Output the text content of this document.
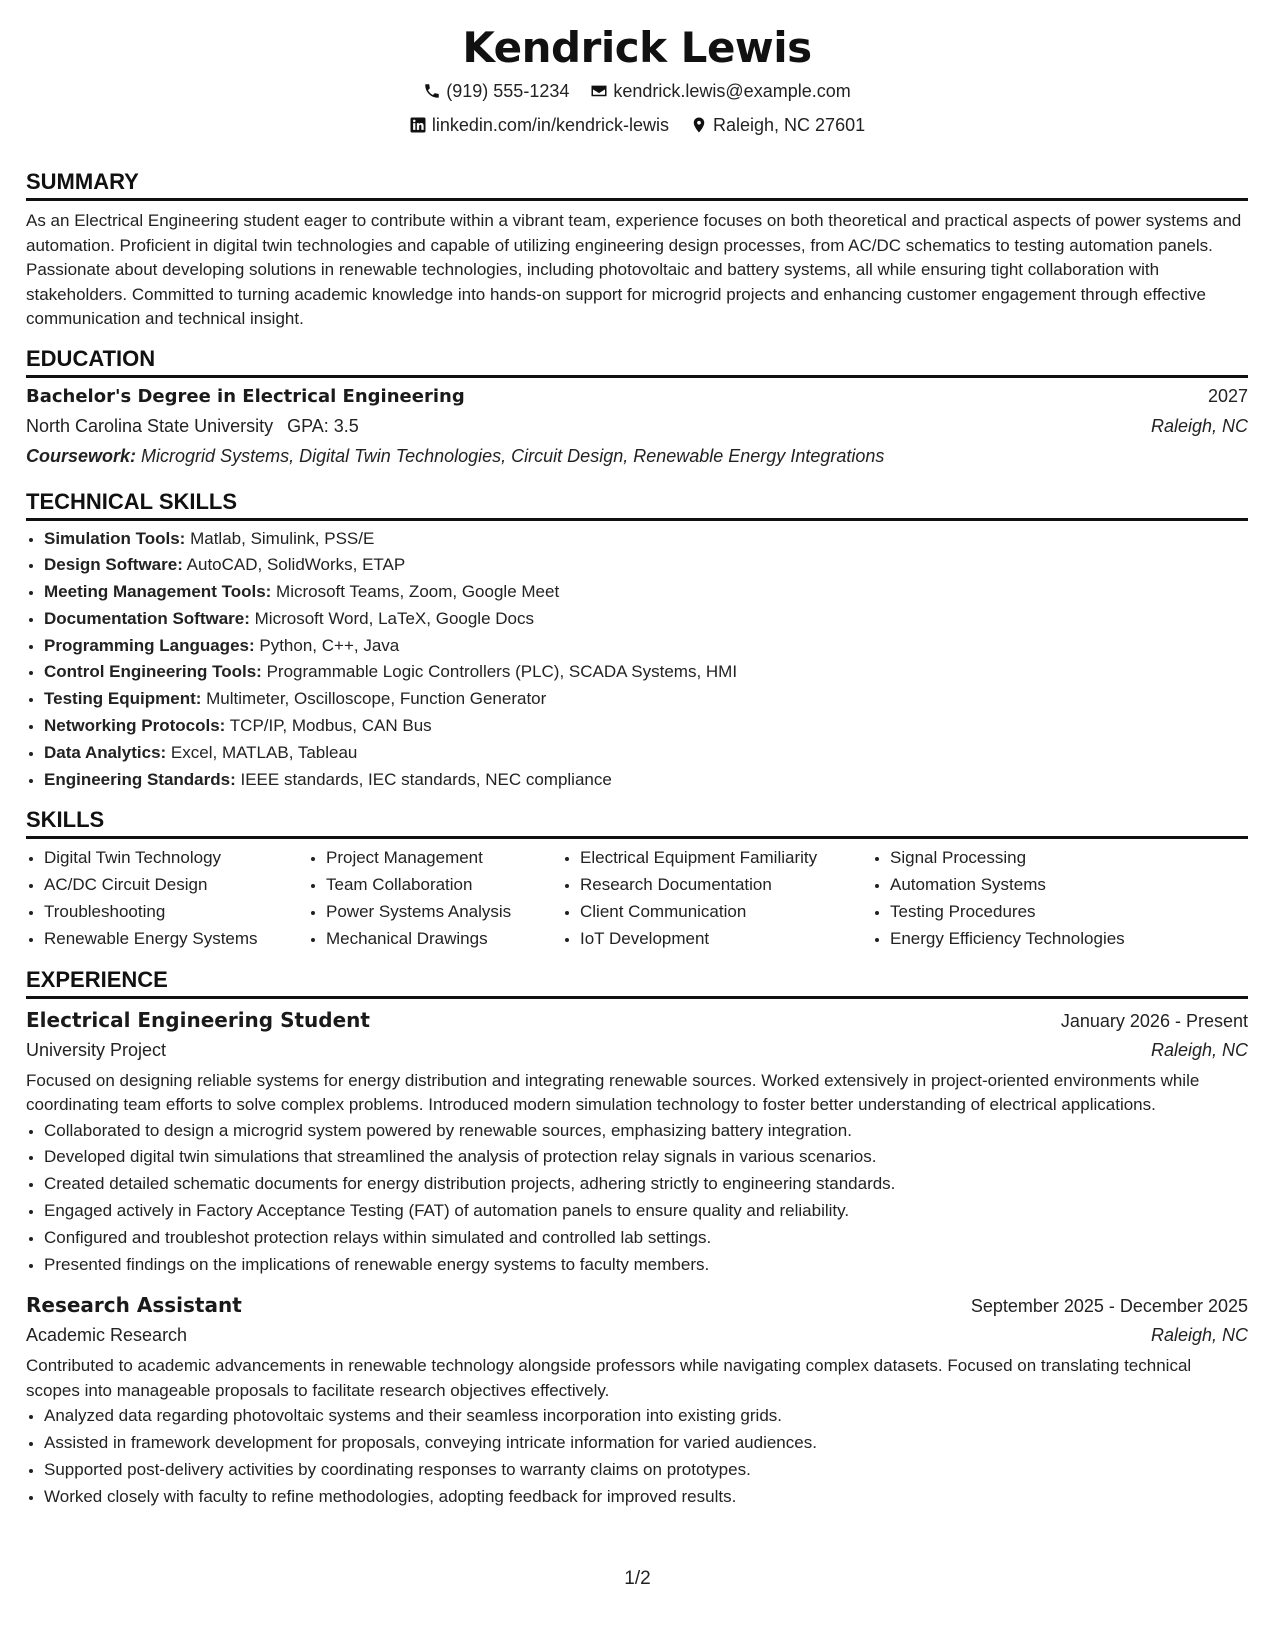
Kendrick Lewis
(919) 555-1234
kendrick.lewis@example.com
linkedin.com/in/kendrick-lewis
Raleigh, NC 27601
SUMMARY

As an Electrical Engineering student eager to contribute within a vibrant team, experience focuses on both theoretical and practical aspects of power systems and automation. Proficient in digital twin technologies and capable of utilizing engineering design processes, from AC/DC schematics to testing automation panels. Passionate about developing solutions in renewable technologies, including photovoltaic and battery systems, all while ensuring tight collaboration with stakeholders. Committed to turning academic knowledge into hands-on support for microgrid projects and enhancing customer engagement through effective communication and technical insight.

EDUCATION
Bachelor's Degree in Electrical Engineering	2027
North Carolina State University GPA: 3.5	Raleigh, NC
Coursework: Microgrid Systems, Digital Twin Technologies, Circuit Design, Renewable Energy Integrations
TECHNICAL SKILLS
• Simulation Tools: Matlab, Simulink, PSS/E
• Design Software: AutoCAD, SolidWorks, ETAP
• Meeting Management Tools: Microsoft Teams, Zoom, Google Meet
• Documentation Software: Microsoft Word, LaTeX, Google Docs
• Programming Languages: Python, C++, Java
• Control Engineering Tools: Programmable Logic Controllers (PLC), SCADA Systems, HMI
• Testing Equipment: Multimeter, Oscilloscope, Function Generator
• Networking Protocols: TCP/IP, Modbus, CAN Bus
• Data Analytics: Excel, MATLAB, Tableau
• Engineering Standards: IEEE standards, IEC standards, NEC compliance
SKILLS
• Digital Twin Technology
• AC/DC Circuit Design
• Troubleshooting
• Renewable Energy Systems
• Project Management
• Team Collaboration
• Power Systems Analysis
• Mechanical Drawings
• Electrical Equipment Familiarity
• Research Documentation
• Client Communication
• IoT Development
• Signal Processing
• Automation Systems
• Testing Procedures
• Energy Efficiency Technologies
EXPERIENCE
Electrical Engineering Student	January 2026 - Present
University Project	Raleigh, NC

Focused on designing reliable systems for energy distribution and integrating renewable sources. Worked extensively in project-oriented environments while coordinating team efforts to solve complex problems. Introduced modern simulation technology to foster better understanding of electrical applications.

• Collaborated to design a microgrid system powered by renewable sources, emphasizing battery integration.
• Developed digital twin simulations that streamlined the analysis of protection relay signals in various scenarios.
• Created detailed schematic documents for energy distribution projects, adhering strictly to engineering standards.
• Engaged actively in Factory Acceptance Testing (FAT) of automation panels to ensure quality and reliability.
• Configured and troubleshot protection relays within simulated and controlled lab settings.
• Presented findings on the implications of renewable energy systems to faculty members.
Research Assistant	September 2025 - December 2025
Academic Research	Raleigh, NC

Contributed to academic advancements in renewable technology alongside professors while navigating complex datasets. Focused on translating technical scopes into manageable proposals to facilitate research objectives effectively.

• Analyzed data regarding photovoltaic systems and their seamless incorporation into existing grids.
• Assisted in framework development for proposals, conveying intricate information for varied audiences.
• Supported post-delivery activities by coordinating responses to warranty claims on prototypes.
• Worked closely with faculty to refine methodologies, adopting feedback for improved results.
1/2
